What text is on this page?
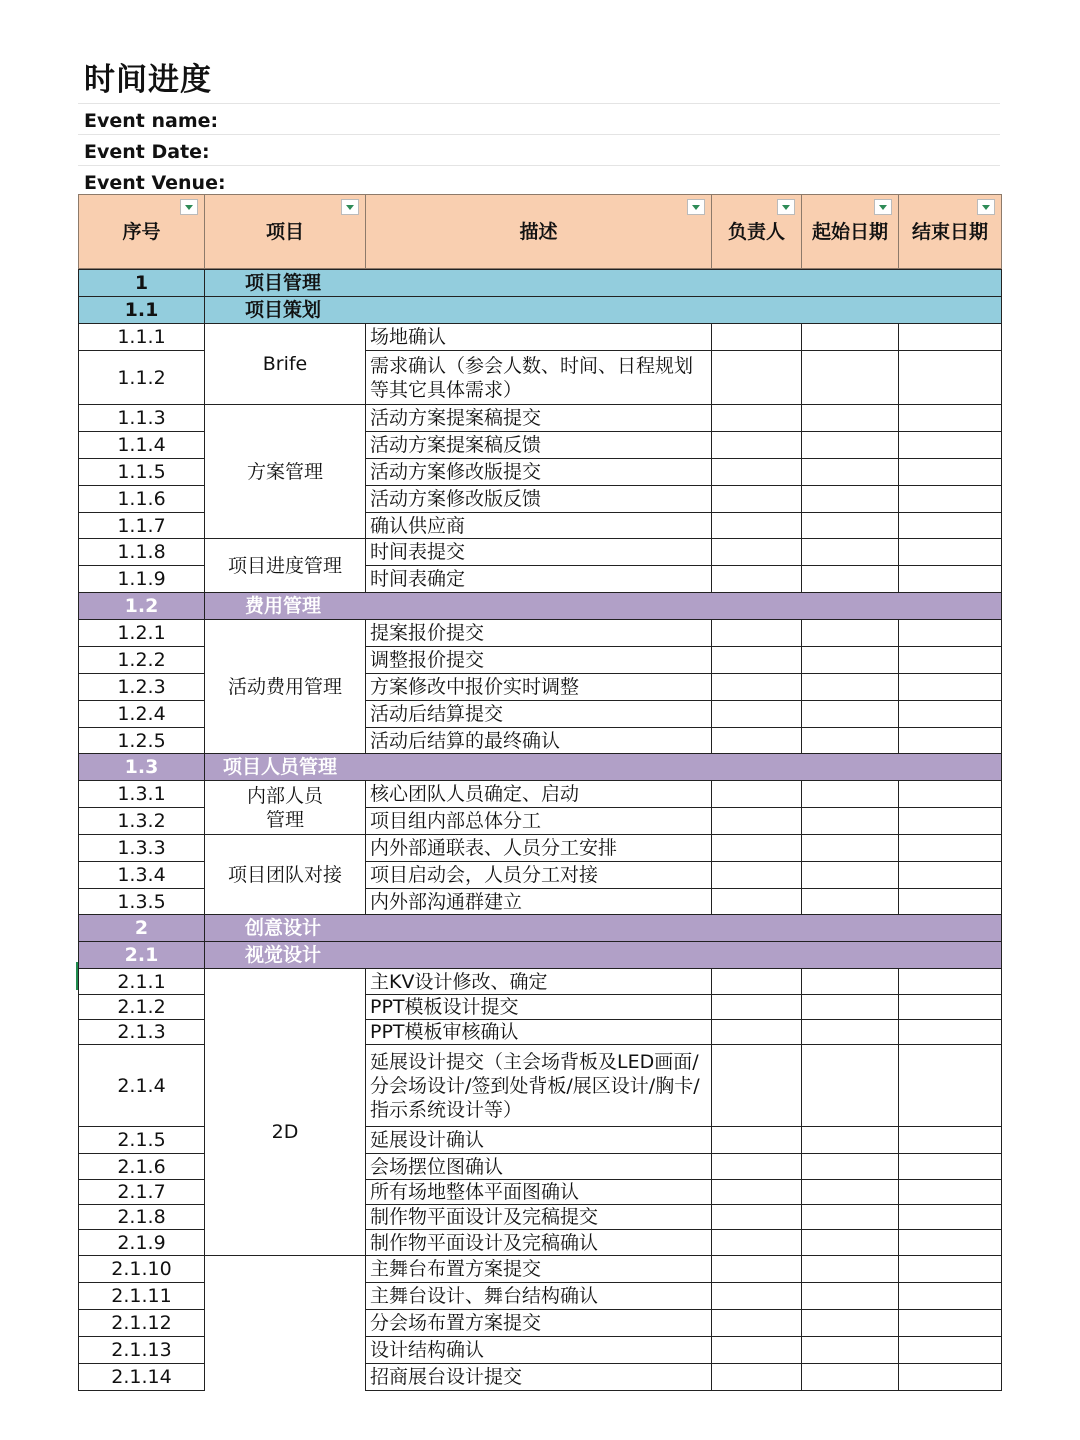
时间进度
Event name:
Event Date:
Event Venue:
序号	项目	描述	负责人	起始日期	结束日期

1	项目管理				
1.1	项目策划				
1.1.1	Brife	场地确认			
1.1.2		需求确认（参会人数、时间、日程规划等其它具体需求）			
1.1.3	方案管理	活动方案提案稿提交			
1.1.4		活动方案提案稿反馈			
1.1.5		活动方案修改版提交			
1.1.6		活动方案修改版反馈			
1.1.7		确认供应商			
1.1.8	项目进度管理	时间表提交			
1.1.9		时间表确定			
1.2	费用管理				
1.2.1	活动费用管理	提案报价提交			
1.2.2		调整报价提交			
1.2.3		方案修改中报价实时调整			
1.2.4		活动后结算提交			
1.2.5		活动后结算的最终确认			
1.3	项目人员管理				
1.3.1	内部人员管理	核心团队人员确定、启动			
1.3.2		项目组内部总体分工			
1.3.3	项目团队对接	内外部通联表、人员分工安排			
1.3.4		项目启动会，人员分工对接			
1.3.5		内外部沟通群建立			
2	创意设计				
2.1	视觉设计				
2.1.1	2D	主KV设计修改、确定			
2.1.2		PPT模板设计提交			
2.1.3		PPT模板审核确认			
2.1.4		延展设计提交（主会场背板及LED画面/分会场设计/签到处背板/展区设计/胸卡/指示系统设计等）			
2.1.5		延展设计确认			
2.1.6		会场摆位图确认			
2.1.7		所有场地整体平面图确认			
2.1.8		制作物平面设计及完稿提交			
2.1.9		制作物平面设计及完稿确认			
2.1.10		主舞台布置方案提交			
2.1.11		主舞台设计、舞台结构确认			
2.1.12		分会场布置方案提交			
2.1.13		设计结构确认			
2.1.14		招商展台设计提交			
